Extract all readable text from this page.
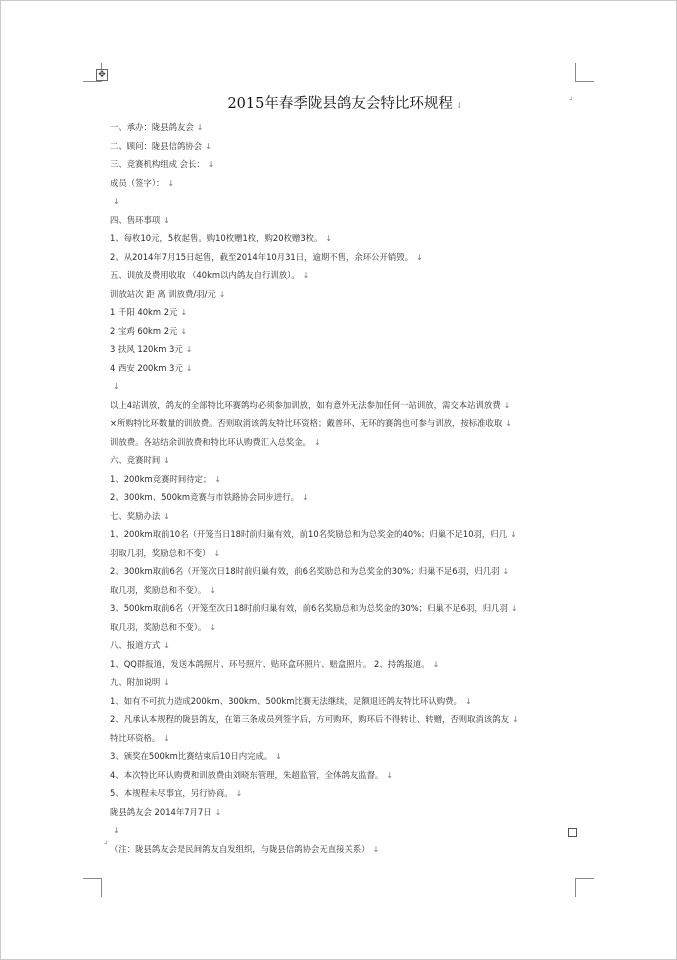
✥
⌟
2015年春季陇县鸽友会特比环规程 ↓
一、承办：陇县鸽友会 ↓
二、顾问：陇县信鸽协会 ↓
三、竞赛机构组成 会长： ↓
成员（签字）： ↓
↓
四、售环事项 ↓
1、每枚10元，5枚起售。购10枚赠1枚，购20枚赠3枚。 ↓
2、从2014年7月15日起售，截至2014年10月31日，逾期不售，余环公开销毁。 ↓
五、训放及费用收取 （40km以内鸽友自行训放）。 ↓
训放站次 距 离 训放费/羽/元 ↓
1 千阳 40km 2元 ↓
2 宝鸡 60km 2元 ↓
3 扶风 120km 3元 ↓
4 西安 200km 3元 ↓
↓
以上4站训放，鸽友的全部特比环赛鸽均必须参加训放，如有意外无法参加任何一站训放，需交本站训放费 ↓
×所购特比环数量的训放费。否则取消该鸽友特比环资格；戴普环、无环的赛鸽也可参与训放，按标准收取 ↓
训放费。各站结余训放费和特比环认购费汇入总奖金。 ↓
六、竞赛时间 ↓
1、200km竞赛时间待定； ↓
2、300km、500km竞赛与市铁路协会同步进行。 ↓
七、奖励办法 ↓
1、200km取前10名（开笼当日18时前归巢有效，前10名奖励总和为总奖金的40%；归巢不足10羽，归几 ↓
羽取几羽，奖励总和不变） ↓
2、300km取前6名（开笼次日18时前归巢有效，前6名奖励总和为总奖金的30%；归巢不足6羽，归几羽 ↓
取几羽，奖励总和不变）。 ↓
3、500km取前6名（开笼至次日18时前归巢有效，前6名奖励总和为总奖金的30%；归巢不足6羽，归几羽 ↓
取几羽，奖励总和不变）。 ↓
八、报道方式 ↓
1、QQ群报道，发送本鸽照片、环号照片、贴环盒环照片、赔盒照片。 2、持鸽报道。 ↓
九、附加说明 ↓
1、如有不可抗力造成200km、300km、500km比赛无法继续，足额退还鸽友特比环认购费。 ↓
2、凡承认本规程的陇县鸽友，在第三条成员列签字后，方可购环，购环后不得转让、转赠，否则取消该鸽友 ↓
特比环资格。 ↓
3、颁奖在500km比赛结束后10日内完成。 ↓
4、本次特比环认购费和训放费由刘晓东管理，朱超监管，全体鸽友监督。 ↓
5、本规程未尽事宜，另行协商。 ↓
陇县鸽友会 2014年7月7日 ↓
↓
（注：陇县鸽友会是民间鸽友自发组织，与陇县信鸽协会无直接关系） ↓
⌟
